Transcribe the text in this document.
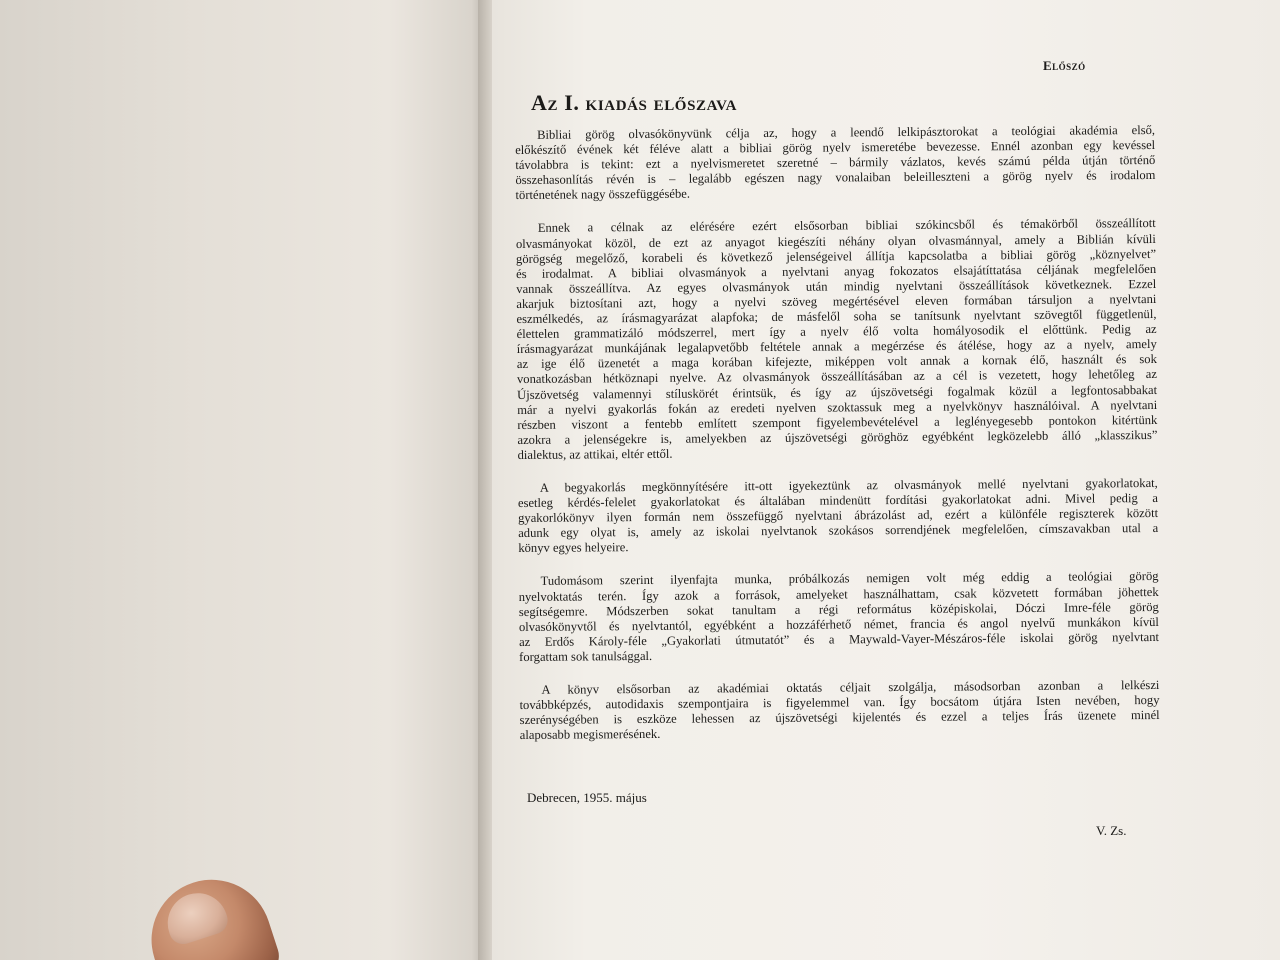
Előszó
Az I. kiadás előszava
Bibliai görög olvasókönyvünk célja az, hogy a leendő lelkipásztorokat a teológiai akadémia első,
előkészítő évének két féléve alatt a bibliai görög nyelv ismeretébe bevezesse. Ennél azonban egy kevéssel
távolabbra is tekint: ezt a nyelvismeretet szeretné – bármily vázlatos, kevés számú példa útján történő
összehasonlítás révén is – legalább egészen nagy vonalaiban beleilleszteni a görög nyelv és irodalom
történetének nagy összefüggésébe.
Ennek a célnak az elérésére ezért elsősorban bibliai szókincsből és témakörből összeállított
olvasmányokat közöl, de ezt az anyagot kiegészíti néhány olyan olvasmánnyal, amely a Biblián kívüli
görögség megelőző, korabeli és következő jelenségeivel állítja kapcsolatba a bibliai görög „köznyelvet”
és irodalmat. A bibliai olvasmányok a nyelvtani anyag fokozatos elsajátíttatása céljának megfelelően
vannak összeállítva. Az egyes olvasmányok után mindig nyelvtani összeállítások következnek. Ezzel
akarjuk biztosítani azt, hogy a nyelvi szöveg megértésével eleven formában társuljon a nyelvtani
eszmélkedés, az írásmagyarázat alapfoka; de másfelől soha se tanítsunk nyelvtant szövegtől függetlenül,
élettelen grammatizáló módszerrel, mert így a nyelv élő volta homályosodik el előttünk. Pedig az
írásmagyarázat munkájának legalapvetőbb feltétele annak a megérzése és átélése, hogy az a nyelv, amely
az ige élő üzenetét a maga korában kifejezte, miképpen volt annak a kornak élő, használt és sok
vonatkozásban hétköznapi nyelve. Az olvasmányok összeállításában az a cél is vezetett, hogy lehetőleg az
Újszövetség valamennyi stíluskörét érintsük, és így az újszövetségi fogalmak közül a legfontosabbakat
már a nyelvi gyakorlás fokán az eredeti nyelven szoktassuk meg a nyelvkönyv használóival. A nyelvtani
részben viszont a fentebb említett szempont figyelembevételével a leglényegesebb pontokon kitértünk
azokra a jelenségekre is, amelyekben az újszövetségi göröghöz egyébként legközelebb álló „klasszikus”
dialektus, az attikai, eltér ettől.
A begyakorlás megkönnyítésére itt-ott igyekeztünk az olvasmányok mellé nyelvtani gyakorlatokat,
esetleg kérdés-felelet gyakorlatokat és általában mindenütt fordítási gyakorlatokat adni. Mivel pedig a
gyakorlókönyv ilyen formán nem összefüggő nyelvtani ábrázolást ad, ezért a különféle regiszterek között
adunk egy olyat is, amely az iskolai nyelvtanok szokásos sorrendjének megfelelően, címszavakban utal a
könyv egyes helyeire.
Tudomásom szerint ilyenfajta munka, próbálkozás nemigen volt még eddig a teológiai görög
nyelvoktatás terén. Így azok a források, amelyeket használhattam, csak közvetett formában jöhettek
segítségemre. Módszerben sokat tanultam a régi református középiskolai, Dóczi Imre-féle görög
olvasókönyvtől és nyelvtantól, egyébként a hozzáférhető német, francia és angol nyelvű munkákon kívül
az Erdős Károly-féle „Gyakorlati útmutatót” és a Maywald-Vayer-Mészáros-féle iskolai görög nyelvtant
forgattam sok tanulsággal.
A könyv elsősorban az akadémiai oktatás céljait szolgálja, másodsorban azonban a lelkészi
továbbképzés, autodidaxis szempontjaira is figyelemmel van. Így bocsátom útjára Isten nevében, hogy
szerénységében is eszköze lehessen az újszövetségi kijelentés és ezzel a teljes Írás üzenete minél
alaposabb megismerésének.
Debrecen, 1955. május
V. Zs.
